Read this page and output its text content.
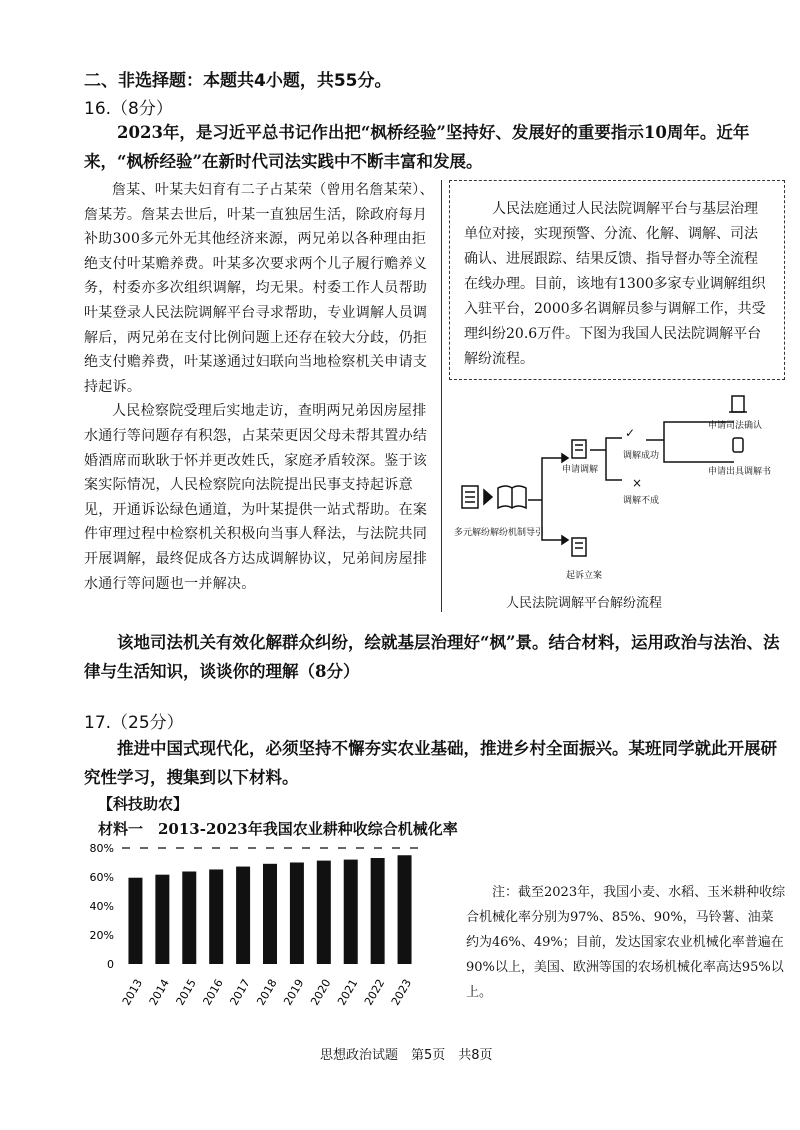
二、非选择题：本题共4小题，共55分。
16.（8分）
2023年，是习近平总书记作出把“枫桥经验”坚持好、发展好的重要指示10周年。近年来，“枫桥经验”在新时代司法实践中不断丰富和发展。

詹某、叶某夫妇育有二子占某荣（曾用名詹某荣）、詹某芳。詹某去世后，叶某一直独居生活，除政府每月补助300多元外无其他经济来源，两兄弟以各种理由拒绝支付叶某赡养费。叶某多次要求两个儿子履行赡养义务，村委亦多次组织调解，均无果。村委工作人员帮助叶某登录人民法院调解平台寻求帮助，专业调解人员调解后，两兄弟在支付比例问题上还存在较大分歧，仍拒绝支付赡养费，叶某遂通过妇联向当地检察机关申请支持起诉。

人民检察院受理后实地走访，查明两兄弟因房屋排水通行等问题存有积怨，占某荣更因父母未帮其置办结婚酒席而耿耿于怀并更改姓氏，家庭矛盾较深。鉴于该案实际情况，人民检察院向法院提出民事支持起诉意见，开通诉讼绿色通道，为叶某提供一站式帮助。在案件审理过程中检察机关积极向当事人释法，与法院共同开展调解，最终促成各方达成调解协议，兄弟间房屋排水通行等问题也一并解决。

人民法庭通过人民法院调解平台与基层治理单位对接，实现预警、分流、化解、调解、司法确认、进展跟踪、结果反馈、指导督办等全流程在线办理。目前，该地有1300多家专业调解组织入驻平台，2000多名调解员参与调解工作，共受理纠纷20.6万件。下图为我国人民法院调解平台解纷流程。

多元解纷 解纷机制导引
申请调解
调解成功
调解不成
申请司法确认
申请出具调解书
起诉立案
✓
×
人民法院调解平台解纷流程
该地司法机关有效化解群众纠纷，绘就基层治理好“枫”景。结合材料，运用政治与法治、法律与生活知识，谈谈你的理解（8分）
17.（25分）
推进中国式现代化，必须坚持不懈夯实农业基础，推进乡村全面振兴。某班同学就此开展研究性学习，搜集到以下材料。
【科技助农】
材料一　2013-2023年我国农业耕种收综合机械化率
0
20%
40%
60%
80%
2013 2014 2015 2016 2017 2018 2019 2020 2021 2022 2023

注：截至2023年，我国小麦、水稻、玉米耕种收综合机械化率分别为97%、85%、90%，马铃薯、油菜约为46%、49%；目前，发达国家农业机械化率普遍在90%以上，美国、欧洲等国的农场机械化率高达95%以上。

思想政治试题　第5页　共8页
